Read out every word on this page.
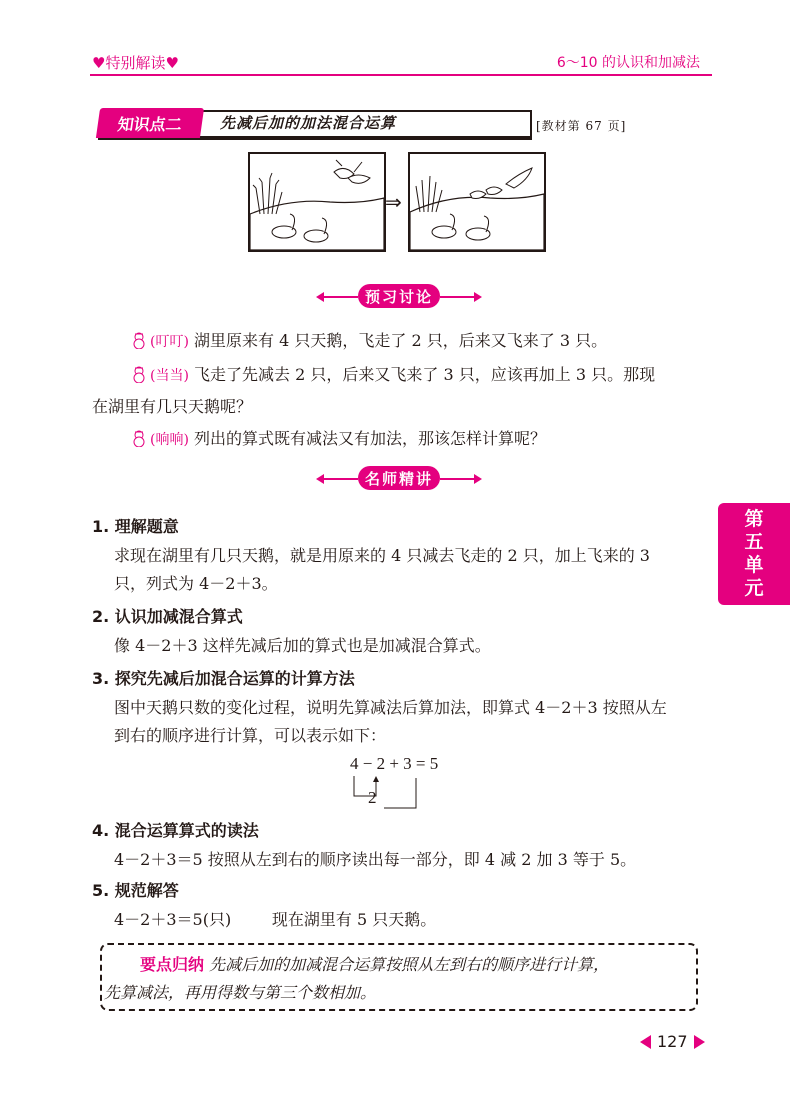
♥特别解读♥	6～10 的认识和加减法
知识点二	先减后加的加法混合运算	[教材第 67 页]
⇒
预习讨论
(叮叮) 湖里原来有 4 只天鹅，飞走了 2 只，后来又飞来了 3 只。
(当当) 飞走了先减去 2 只，后来又飞来了 3 只，应该再加上 3 只。那现
在湖里有几只天鹅呢？
(响响) 列出的算式既有减法又有加法，那该怎样计算呢？
名师精讲
1. 理解题意
求现在湖里有几只天鹅，就是用原来的 4 只减去飞走的 2 只，加上飞来的 3
只，列式为 4－2＋3。
2. 认识加减混合算式
像 4－2＋3 这样先减后加的算式也是加减混合算式。
3. 探究先减后加混合运算的计算方法
图中天鹅只数的变化过程，说明先算减法后算加法，即算式 4－2＋3 按照从左
到右的顺序进行计算，可以表示如下：
4 − 2 + 3 = 5
2
4. 混合运算算式的读法
4－2＋3＝5 按照从左到右的顺序读出每一部分，即 4 减 2 加 3 等于 5。
5. 规范解答
4－2＋3＝5(只)        现在湖里有 5 只天鹅。
要点归纳 先减后加的加减混合运算按照从左到右的顺序进行计算，
先算减法，再用得数与第三个数相加。
第
五
单
元
127
